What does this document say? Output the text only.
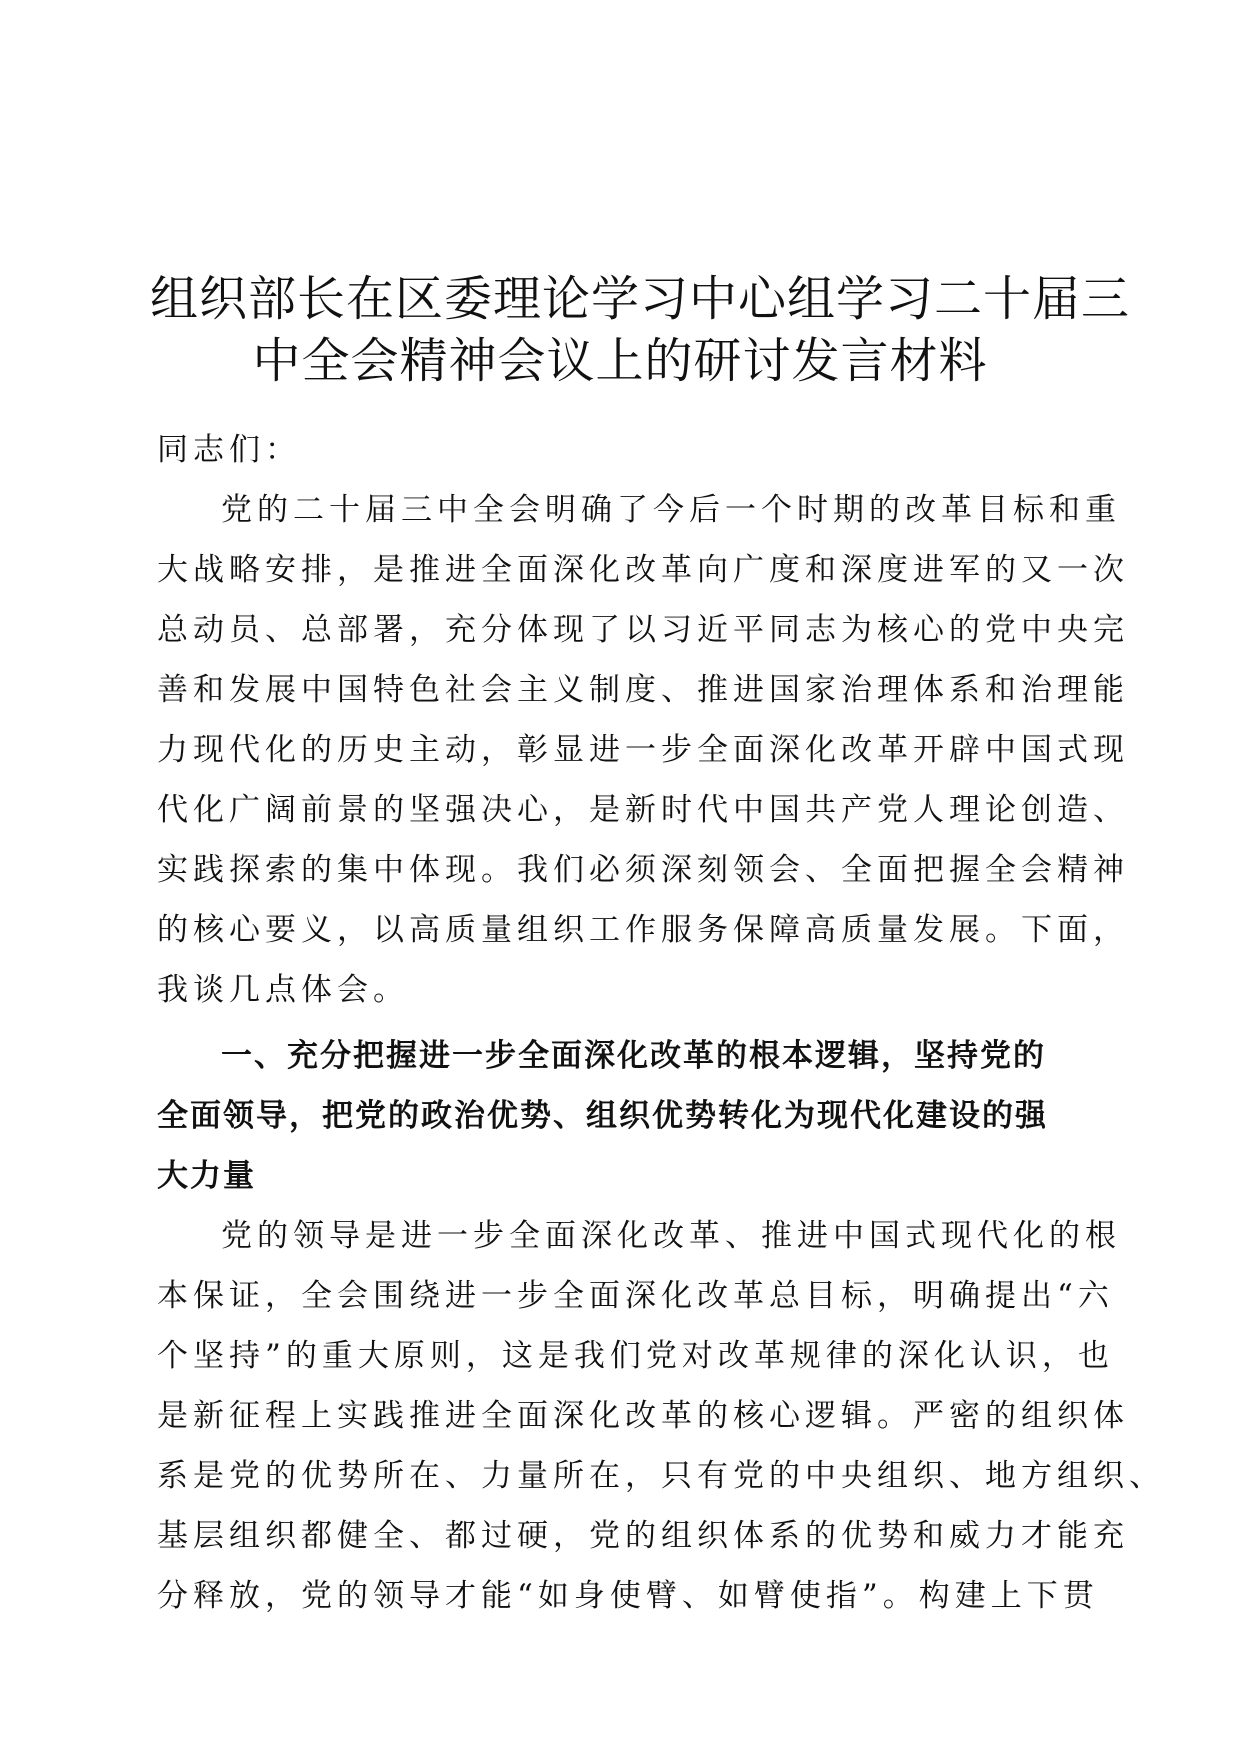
组织部长在区委理论学习中心组学习二十届三
中全会精神会议上的研讨发言材料
同志们：
党的二十届三中全会明确了今后一个时期的改革目标和重
大战略安排，是推进全面深化改革向广度和深度进军的又一次
总动员、总部署，充分体现了以习近平同志为核心的党中央完
善和发展中国特色社会主义制度、推进国家治理体系和治理能
力现代化的历史主动，彰显进一步全面深化改革开辟中国式现
代化广阔前景的坚强决心，是新时代中国共产党人理论创造、
实践探索的集中体现。我们必须深刻领会、全面把握全会精神
的核心要义，以高质量组织工作服务保障高质量发展。下面，
我谈几点体会。
一、充分把握进一步全面深化改革的根本逻辑，坚持党的
全面领导，把党的政治优势、组织优势转化为现代化建设的强
大力量
党的领导是进一步全面深化改革、推进中国式现代化的根
本保证，全会围绕进一步全面深化改革总目标，明确提出“六
个坚持”的重大原则，这是我们党对改革规律的深化认识，也
是新征程上实践推进全面深化改革的核心逻辑。严密的组织体
系是党的优势所在、力量所在，只有党的中央组织、地方组织、
基层组织都健全、都过硬，党的组织体系的优势和威力才能充
分释放，党的领导才能“如身使臂、如臂使指”。构建上下贯
